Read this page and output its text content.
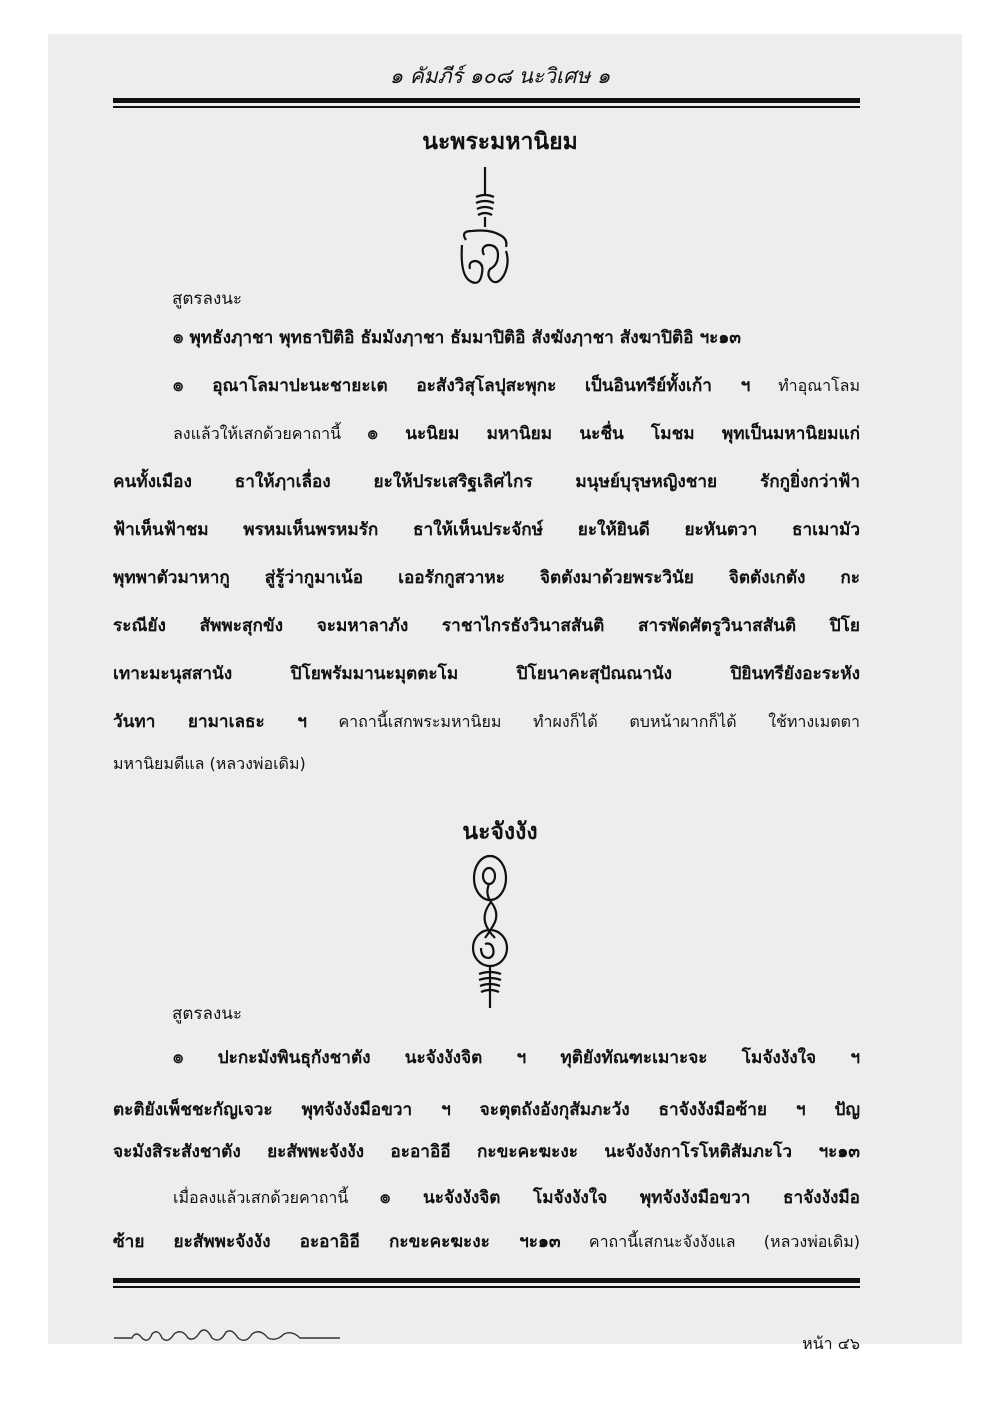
๑ คัมภีร์ ๑๐๘ นะวิเศษ ๑
นะพระมหานิยม
สูตรลงนะ
๏ พุทธังฦาชา พุทธาปิติอิ ธัมมังฦาชา ธัมมาปิติอิ สังฆังฦาชา สังฆาปิติอิ ฯะ๑๓
๏ อุณาโลมาปะนะชายะเต อะสังวิสุโลปุสะพุกะ เป็นอินทรีย์ทั้งเก้า ฯ ทำอุณาโลม
ลงแล้วให้เสกด้วยคาถานี้ ๏ นะนิยม มหานิยม นะชื่น โมชม พุทเป็นมหานิยมแก่
คนทั้งเมือง ธาให้ฦาเลื่อง ยะให้ประเสริฐเลิศไกร มนุษย์บุรุษหญิงชาย รักกูยิ่งกว่าฟ้า
ฟ้าเห็นฟ้าชม พรหมเห็นพรหมรัก ธาให้เห็นประจักษ์ ยะให้ยินดี ยะหันตวา ธาเมามัว
พุทพาตัวมาหากู สู่รู้ว่ากูมาเน้อ เออรักกูสวาหะ จิตตังมาด้วยพระวินัย จิตตังเกตัง กะ
ระณียัง สัพพะสุกขัง จะมหาลาภัง ราชาไกรธังวินาสสันติ สารพัดศัตรูวินาสสันติ ปิโย
เทาะมะนุสสานัง ปิโยพรัมมานะมุตตะโม ปิโยนาคะสุปัณณานัง ปิยินทรียังอะระหัง
วันทา ยามาเลธะ ฯ คาถานี้เสกพระมหานิยม ทำผงก็ได้ ตบหน้าผากก็ได้ ใช้ทางเมตตา
มหานิยมดีแล (หลวงพ่อเดิม)
นะจังงัง
สูตรลงนะ
๏ ปะกะมังพินธุกังชาตัง นะจังงังจิต ฯ ทุติยังทัณฑะเมาะจะ โมจังงังใจ ฯ
ตะติยังเพ็ชชะกัญเจวะ พุทจังงังมือขวา ฯ จะตุตถังอังกุสัมภะวัง ธาจังงังมือซ้าย ฯ ปัญ
จะมังสิระสังชาตัง ยะสัพพะจังงัง อะอาอิอี กะขะคะฆะงะ นะจังงังกาโรโหติสัมภะโว ฯะ๑๓
เมื่อลงแล้วเสกด้วยคาถานี้ ๏ นะจังงังจิต โมจังงังใจ พุทจังงังมือขวา ธาจังงังมือ
ซ้าย ยะสัพพะจังงัง อะอาอิอี กะขะคะฆะงะ ฯะ๑๓ คาถานี้เสกนะจังงังแล (หลวงพ่อเดิม)
หน้า ๔๖
